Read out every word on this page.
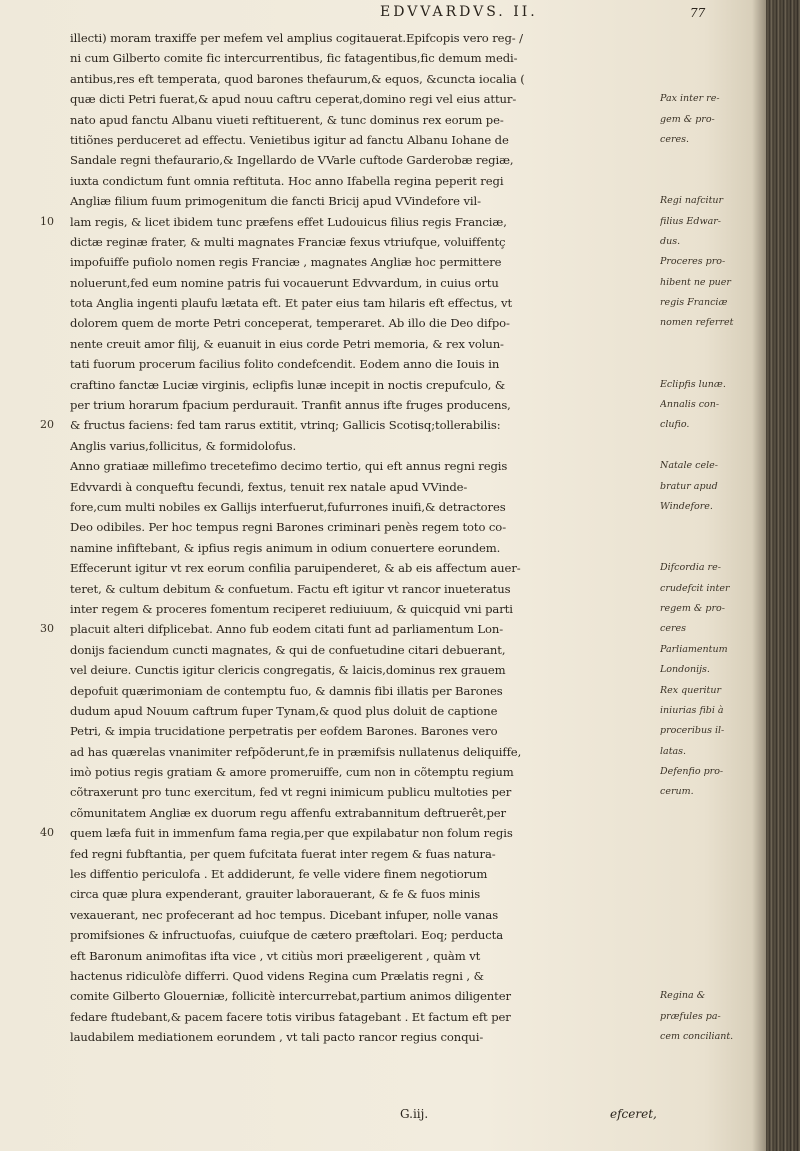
EDVVARDVS. II.	77
illecti) moram traxiffe per mefem vel amplius cogitauerat.Epifcopis vero reg- /
ni cum Gilberto comite fic intercurrentibus, fic fatagentibus,fic demum medi-
antibus,res eft temperata, quod barones thefaurum,& equos, &cuncta iocalia (
quæ dicti Petri fuerat,& apud nouu caftru ceperat,domino regi vel eius attur-	Pax inter re-
nato apud fanctu Albanu viueti reftituerent, & tunc dominus rex eorum pe-	gem & pro-
titiõnes perduceret ad effectu. Venietibus igitur ad fanctu Albanu Iohane de	ceres.
Sandale regni thefaurario,& Ingellardo de VVarle cuftode Garderobæ regiæ,
iuxta condictum funt omnia reftituta. Hoc anno Ifabella regina peperit regi
Angliæ filium fuum primogenitum die fancti Bricij apud VVindefore vil-	Regi nafcitur
10	lam regis, & licet ibidem tunc præfens effet Ludouicus filius regis Franciæ,	filius Edwar-
dictæ reginæ frater, & multi magnates Franciæ fexus vtriufque, voluiffentç	dus.
impofuiffe pufiolo nomen regis Franciæ , magnates Angliæ hoc permittere	Proceres pro-
noluerunt,fed eum nomine patris fui vocauerunt Edvvardum, in cuius ortu	hibent ne puer
tota Anglia ingenti plaufu lætata eft. Et pater eius tam hilaris eft effectus, vt	regis Franciæ
dolorem quem de morte Petri conceperat, temperaret. Ab illo die Deo difpo-	nomen referret
nente creuit amor filij, & euanuit in eius corde Petri memoria, & rex volun-
tati fuorum procerum facilius folito condefcendit. Eodem anno die Iouis in
craftino fanctæ Luciæ virginis, eclipfis lunæ incepit in noctis crepufculo, &	Eclipfis lunæ.
per trium horarum fpacium perdurauit. Tranfit annus ifte fruges producens,	Annalis con-
20	& fructus faciens: fed tam rarus extitit, vtrinq; Gallicis Scotisq;tollerabilis:	clufio.
Anglis varius,follicitus, & formidolofus.
Anno gratiaæ millefimo trecetefimo decimo tertio, qui eft annus regni regis	Natale cele-
Edvvardi à conqueftu fecundi, fextus, tenuit rex natale apud VVinde-	bratur apud
fore,cum multi nobiles ex Gallijs interfuerut,fufurrones inuifi,& detractores	Windefore.
Deo odibiles. Per hoc tempus regni Barones criminari penès regem toto co-
namine infiftebant, & ipfius regis animum in odium conuertere eorundem.
Effecerunt igitur vt rex eorum confilia paruipenderet, & ab eis affectum auer-	Difcordia re-
teret, & cultum debitum & confuetum. Factu eft igitur vt rancor inueteratus	crudefcit inter
inter regem & proceres fomentum reciperet rediuiuum, & quicquid vni parti	regem & pro-
30	placuit alteri difplicebat. Anno fub eodem citati funt ad parliamentum Lon-	ceres
donijs faciendum cuncti magnates, & qui de confuetudine citari debuerant,	Parliamentum
vel deiure. Cunctis igitur clericis congregatis, & laicis,dominus rex grauem	Londonijs.
depofuit quærimoniam de contemptu fuo, & damnis fibi illatis per Barones	Rex queritur
dudum apud Nouum caftrum fuper Tynam,& quod plus doluit de captione	iniurias fibi à
Petri, & impia trucidatione perpetratis per eofdem Barones. Barones vero	proceribus il-
ad has quærelas vnanimiter refpõderunt,fe in præmifsis nullatenus deliquiffe,	latas.
imò potius regis gratiam & amore promeruiffe, cum non in cõtemptu regium	Defenfio pro-
cõtraxerunt pro tunc exercitum, fed vt regni inimicum publicu multoties per	cerum.
cõmunitatem Angliæ ex duorum regu affenfu extrabannitum deftruerêt,per
40	quem læfa fuit in immenfum fama regia,per que expilabatur non folum regis
fed regni fubftantia, per quem fufcitata fuerat inter regem & fuas natura-
les diffentio periculofa . Et addiderunt, fe velle videre finem negotiorum
circa quæ plura expenderant, grauiter laborauerant, & fe & fuos minis
vexauerant, nec profecerant ad hoc tempus. Dicebant infuper, nolle vanas
promifsiones & infructuofas, cuiufque de cætero præftolari. Eoq; perducta
eft Baronum animofitas ifta vice , vt citiùs mori præeligerent , quàm vt
hactenus ridiculòfe differri. Quod videns Regina cum Prælatis regni , &
comite Gilberto Glouerniæ, follicitè intercurrebat,partium animos diligenter	Regina &
fedare ftudebant,& pacem facere totis viribus fatagebant . Et factum eft per	præfules pa-
laudabilem mediationem eorundem , vt tali pacto rancor regius conqui-	cem conciliant.
G.iij.	efceret,
